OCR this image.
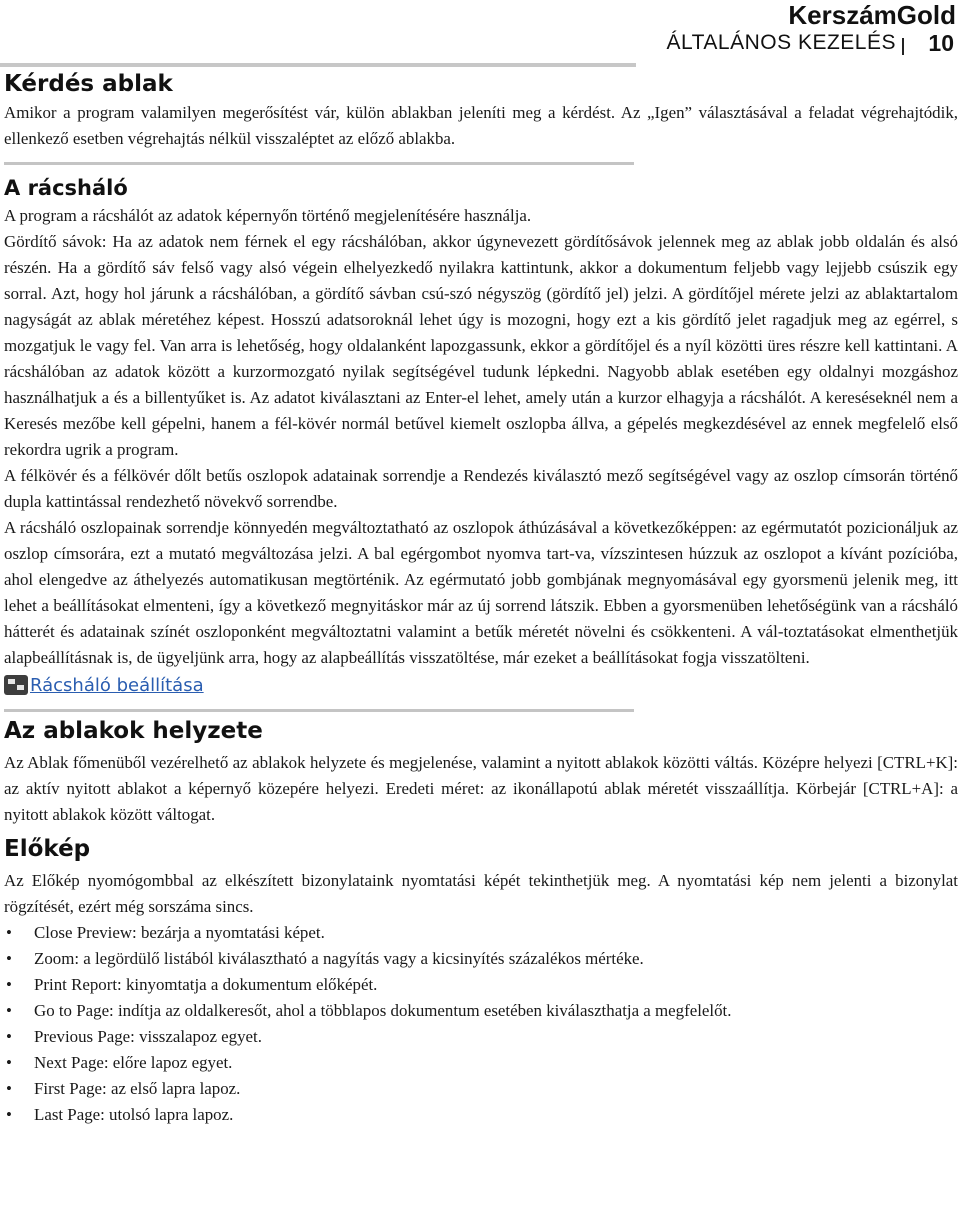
KerszámGold
ÁLTALÁNOS KEZELÉS 10
Kérdés ablak

Amikor a program valamilyen megerősítést vár, külön ablakban jeleníti meg a kérdést. Az „Igen” választásával a feladat végrehajtódik, ellenkező esetben végrehajtás nélkül visszaléptet az előző ablakba.

A rácsháló

A program a rácshálót az adatok képernyőn történő megjelenítésére használja.

Gördítő sávok: Ha az adatok nem férnek el egy rácshálóban, akkor úgynevezett gördítősávok jelennek meg az ablak jobb oldalán és alsó részén. Ha a gördítő sáv felső vagy alsó végein elhelyezkedő nyilakra kattintunk, akkor a dokumentum feljebb vagy lejjebb csúszik egy sorral. Azt, hogy hol járunk a rácshálóban, a gördítő sávban csú-szó négyszög (gördítő jel) jelzi. A gördítőjel mérete jelzi az ablaktartalom nagyságát az ablak méretéhez képest. Hosszú adatsoroknál lehet úgy is mozogni, hogy ezt a kis gördítő jelet ragadjuk meg az egérrel, s mozgatjuk le vagy fel. Van arra is lehetőség, hogy oldalanként lapozgassunk, ekkor a gördítőjel és a nyíl közötti üres részre kell kattintani. A rácshálóban az adatok között a kurzormozgató nyilak segítségével tudunk lépkedni. Nagyobb ablak esetében egy oldalnyi mozgáshoz használhatjuk a és a billentyűket is. Az adatot kiválasztani az Enter-el lehet, amely után a kurzor elhagyja a rácshálót. A kereséseknél nem a Keresés mezőbe kell gépelni, hanem a fél-kövér normál betűvel kiemelt oszlopba állva, a gépelés megkezdésével az ennek megfelelő első rekordra ugrik a program.

A félkövér és a félkövér dőlt betűs oszlopok adatainak sorrendje a Rendezés kiválasztó mező segítségével vagy az oszlop címsorán történő dupla kattintással rendezhető növekvő sorrendbe.

A rácsháló oszlopainak sorrendje könnyedén megváltoztatható az oszlopok áthúzásával a következőképpen: az egérmutatót pozicionáljuk az oszlop címsorára, ezt a mutató megváltozása jelzi. A bal egérgombot nyomva tart-va, vízszintesen húzzuk az oszlopot a kívánt pozícióba, ahol elengedve az áthelyezés automatikusan megtörténik. Az egérmutató jobb gombjának megnyomásával egy gyorsmenü jelenik meg, itt lehet a beállításokat elmenteni, így a következő megnyitáskor már az új sorrend látszik. Ebben a gyorsmenüben lehetőségünk van a rácsháló hátterét és adatainak színét oszloponként megváltoztatni valamint a betűk méretét növelni és csökkenteni. A vál-toztatásokat elmenthetjük alapbeállításnak is, de ügyeljünk arra, hogy az alapbeállítás visszatöltése, már ezeket a beállításokat fogja visszatölteni.

Rácsháló beállítása
Az ablakok helyzete

Az Ablak főmenüből vezérelhető az ablakok helyzete és megjelenése, valamint a nyitott ablakok közötti váltás. Középre helyezi [CTRL+K]: az aktív nyitott ablakot a képernyő közepére helyezi. Eredeti méret: az ikonállapotú ablak méretét visszaállítja. Körbejár [CTRL+A]: a nyitott ablakok között váltogat.

Előkép

Az Előkép nyomógombbal az elkészített bizonylataink nyomtatási képét tekinthetjük meg. A nyomtatási kép nem jelenti a bizonylat rögzítését, ezért még sorszáma sincs.

• Close Preview: bezárja a nyomtatási képet.
• Zoom: a legördülő listából kiválasztható a nagyítás vagy a kicsinyítés százalékos mértéke.
• Print Report: kinyomtatja a dokumentum előképét.
• Go to Page: indítja az oldalkeresőt, ahol a többlapos dokumentum esetében kiválaszthatja a megfelelőt.
• Previous Page: visszalapoz egyet.
• Next Page: előre lapoz egyet.
• First Page: az első lapra lapoz.
• Last Page: utolsó lapra lapoz.
